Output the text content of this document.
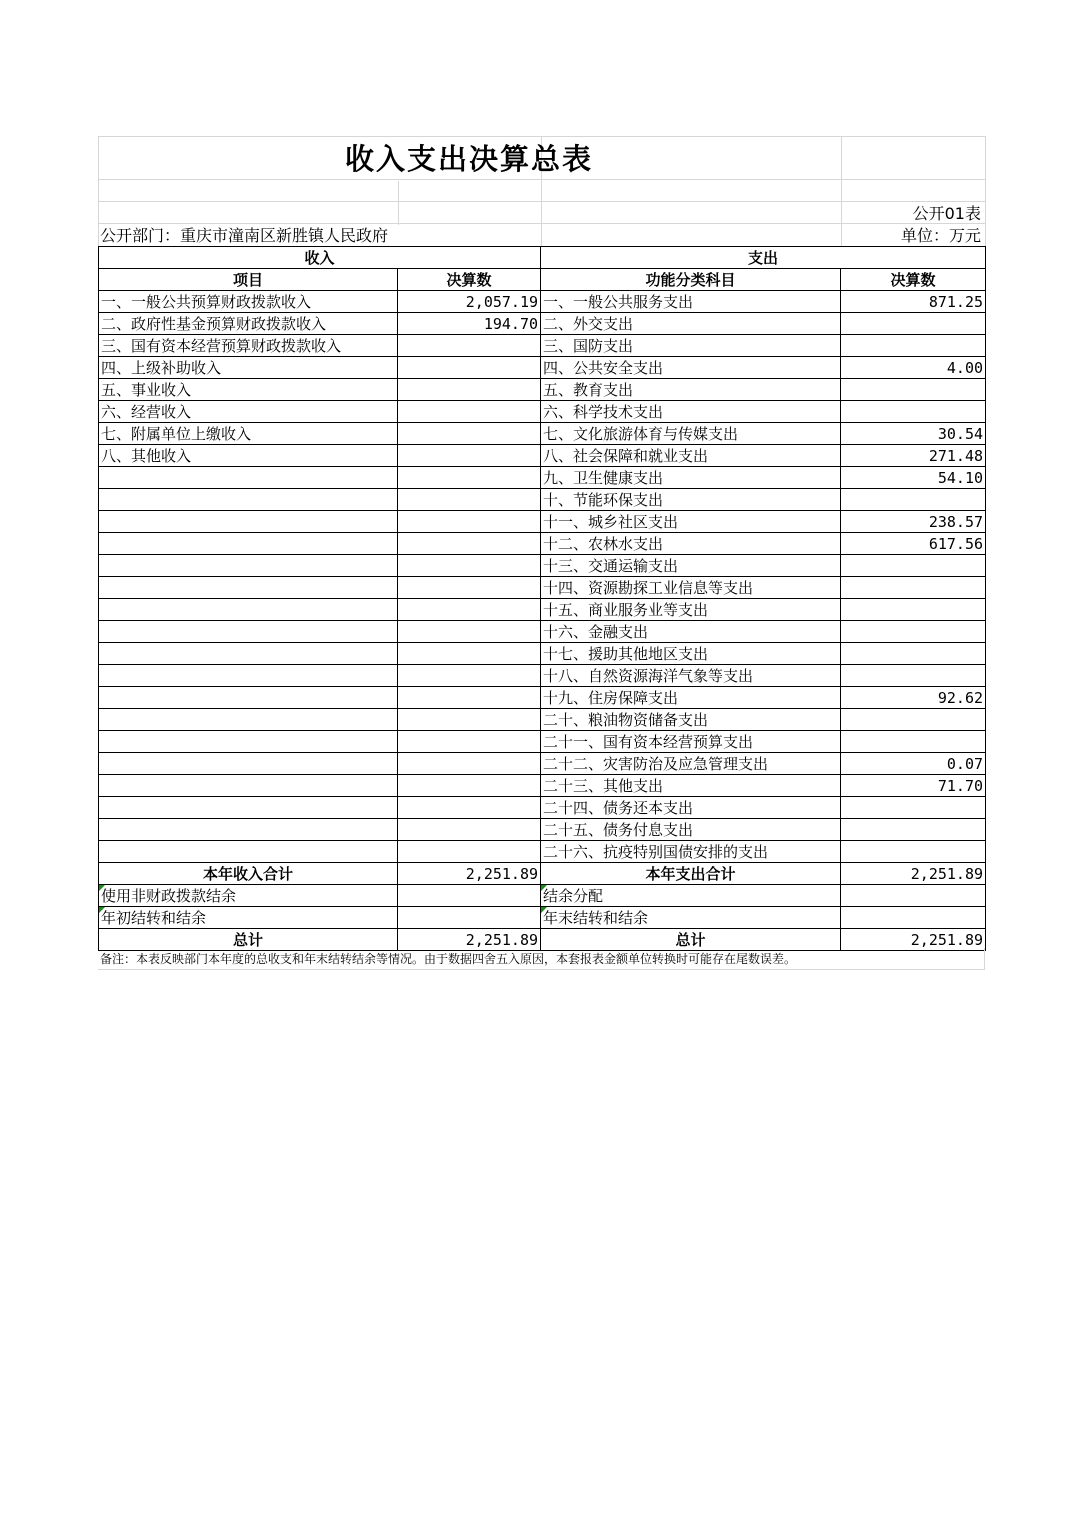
收入支出决算总表
公开01表
公开部门：重庆市潼南区新胜镇人民政府	单位：万元
收入		支出	
项目	决算数	功能分类科目	决算数
一、一般公共预算财政拨款收入	2,057.19	一、一般公共服务支出	871.25
二、政府性基金预算财政拨款收入	194.70	二、外交支出	
三、国有资本经营预算财政拨款收入		三、国防支出	
四、上级补助收入		四、公共安全支出	4.00
五、事业收入		五、教育支出	
六、经营收入		六、科学技术支出	
七、附属单位上缴收入		七、文化旅游体育与传媒支出	30.54
八、其他收入		八、社会保障和就业支出	271.48
		九、卫生健康支出	54.10
		十、节能环保支出	
		十一、城乡社区支出	238.57
		十二、农林水支出	617.56
		十三、交通运输支出	
		十四、资源勘探工业信息等支出	
		十五、商业服务业等支出	
		十六、金融支出	
		十七、援助其他地区支出	
		十八、自然资源海洋气象等支出	
		十九、住房保障支出	92.62
		二十、粮油物资储备支出	
		二十一、国有资本经营预算支出	
		二十二、灾害防治及应急管理支出	0.07
		二十三、其他支出	71.70
		二十四、债务还本支出	
		二十五、债务付息支出	
		二十六、抗疫特别国债安排的支出	
本年收入合计	2,251.89	本年支出合计	2,251.89

使用非财政拨款结余		结余分配	

年初结转和结余		年末结转和结余	
总计	2,251.89	总计	2,251.89
备注：本表反映部门本年度的总收支和年末结转结余等情况。由于数据四舍五入原因，本套报表金额单位转换时可能存在尾数误差。
